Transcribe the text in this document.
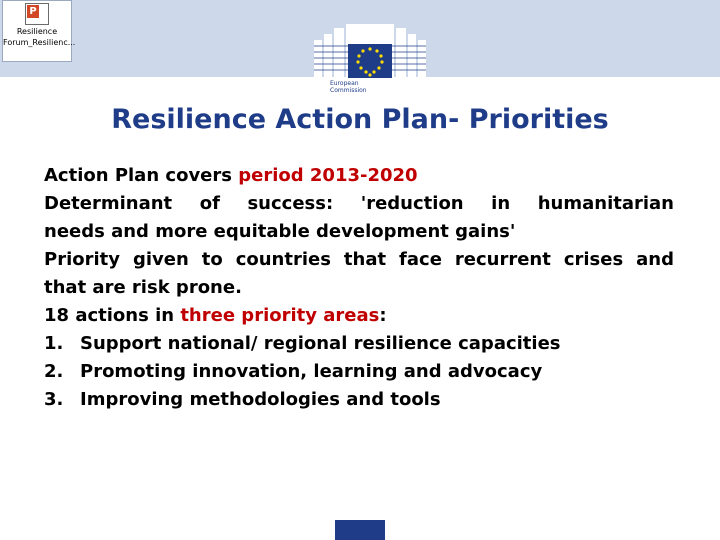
P
Resilience Forum_Resilienc...
European Commission
Resilience Action Plan- Priorities
Action Plan covers period 2013-2020
Determinant of success: 'reduction in humanitarian
needs and more equitable development gains'
Priority given to countries that face recurrent crises and
that are risk prone.
18 actions in three priority areas:
1. Support national/ regional resilience capacities
2. Promoting innovation, learning and advocacy
3. Improving methodologies and tools
